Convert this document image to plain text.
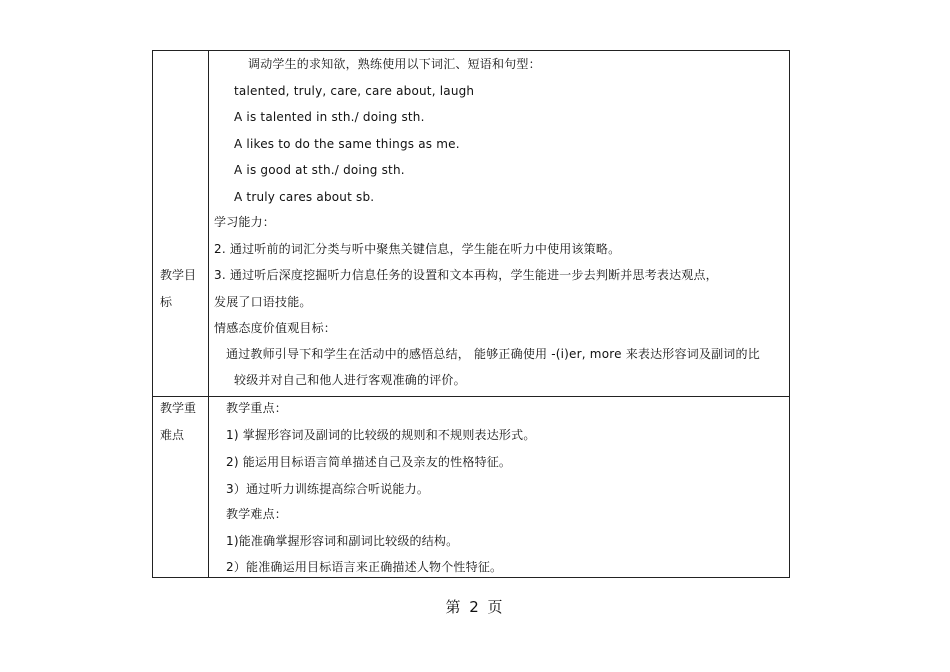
教学目
标
调动学生的求知欲，熟练使用以下词汇、短语和句型：
talented, truly, care, care about, laugh
A is talented in sth./ doing sth.
A likes to do the same things as me.
A is good at sth./ doing sth.
A truly cares about sb.
学习能力：
2. 通过听前的词汇分类与听中聚焦关键信息，学生能在听力中使用该策略。
3. 通过听后深度挖掘听力信息任务的设置和文本再构，学生能进一步去判断并思考表达观点，
发展了口语技能。
情感态度价值观目标：
通过教师引导下和学生在活动中的感悟总结， 能够正确使用 -(i)er, more 来表达形容词及副词的比
较级并对自己和他人进行客观准确的评价。
教学重
难点
教学重点：
1) 掌握形容词及副词的比较级的规则和不规则表达形式。
2) 能运用目标语言简单描述自己及亲友的性格特征。
3）通过听力训练提高综合听说能力。
教学难点：
1)能准确掌握形容词和副词比较级的结构。
2）能准确运用目标语言来正确描述人物个性特征。
第 2 页
